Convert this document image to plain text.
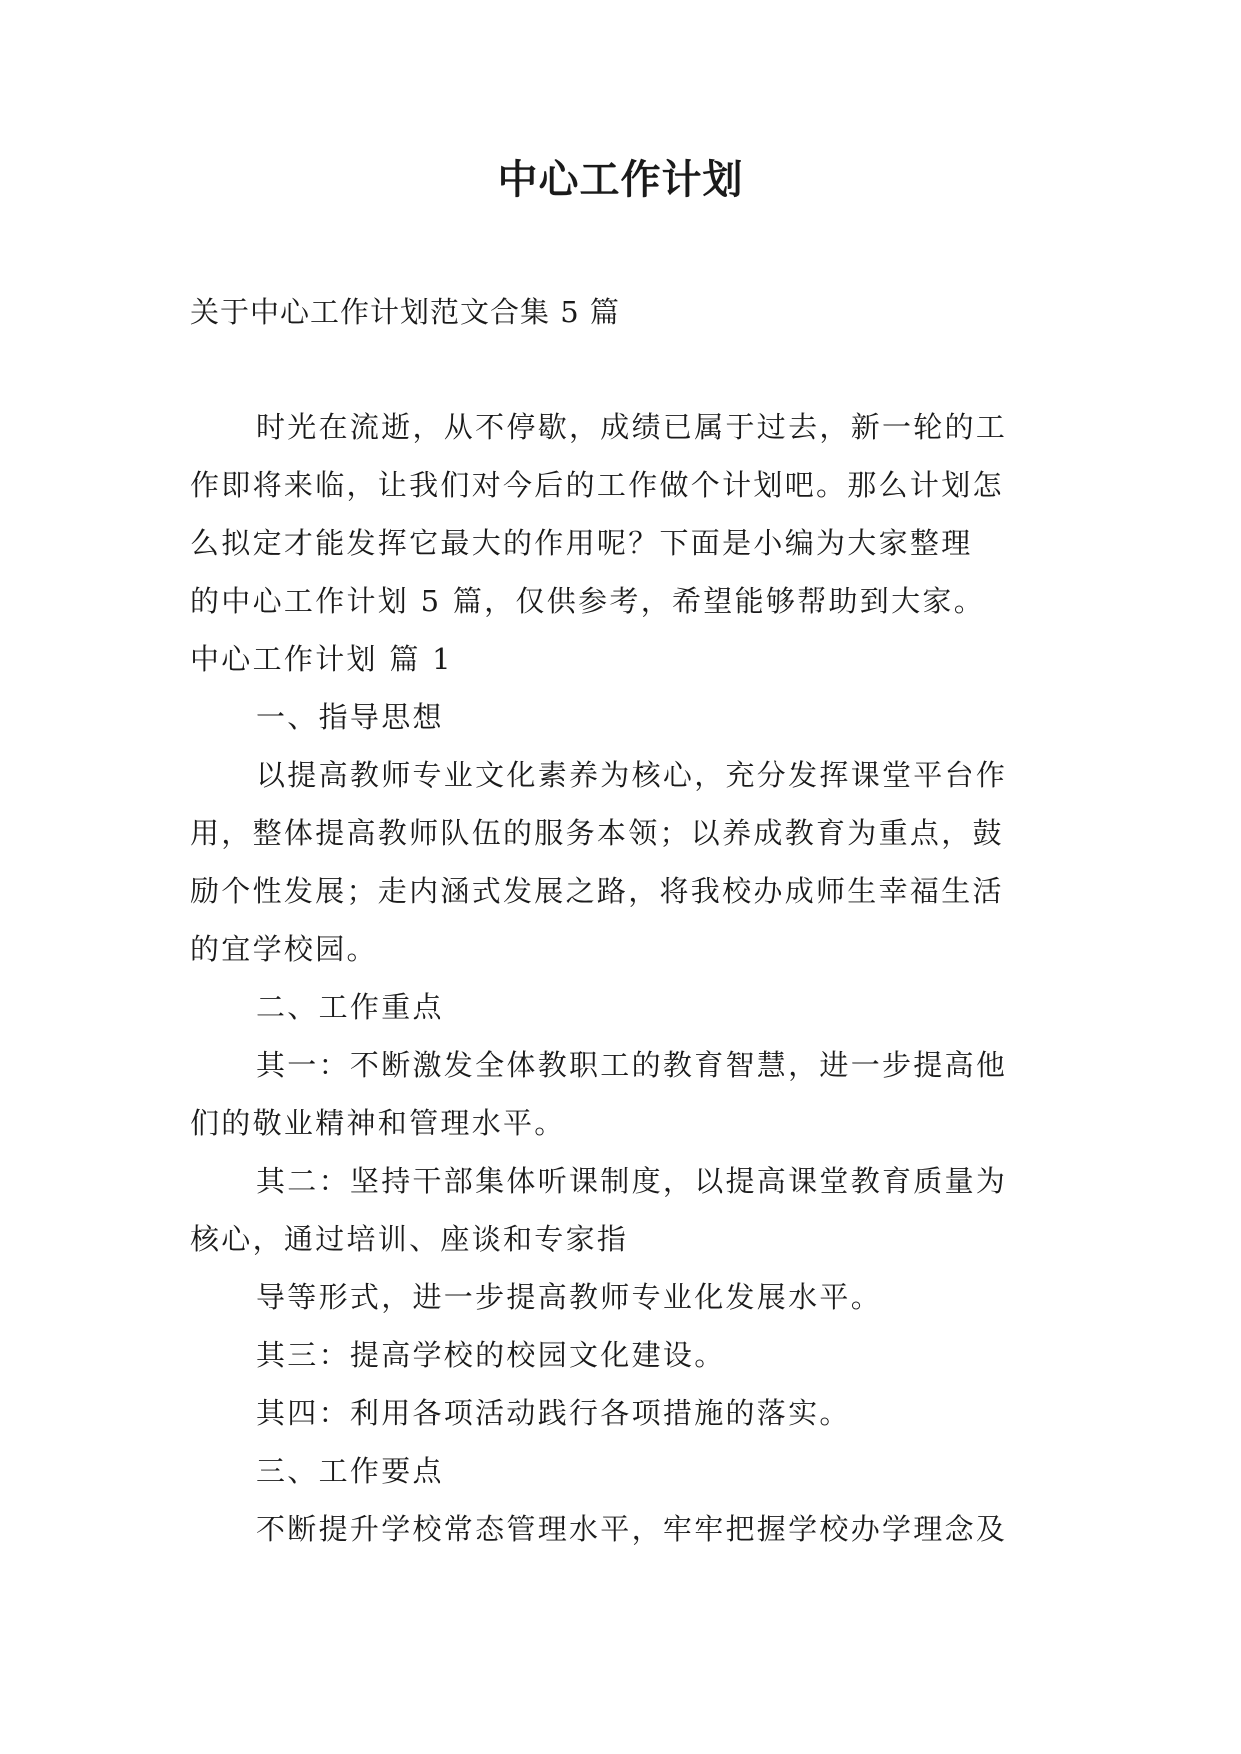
中心工作计划
关于中心工作计划范文合集 5 篇
时光在流逝，从不停歇，成绩已属于过去，新一轮的工
作即将来临，让我们对今后的工作做个计划吧。那么计划怎
么拟定才能发挥它最大的作用呢？下面是小编为大家整理
的中心工作计划 5 篇，仅供参考，希望能够帮助到大家。
中心工作计划 篇 1
一、指导思想
以提高教师专业文化素养为核心，充分发挥课堂平台作
用，整体提高教师队伍的服务本领；以养成教育为重点，鼓
励个性发展；走内涵式发展之路，将我校办成师生幸福生活
的宜学校园。
二、工作重点
其一：不断激发全体教职工的教育智慧，进一步提高他
们的敬业精神和管理水平。
其二：坚持干部集体听课制度，以提高课堂教育质量为
核心，通过培训、座谈和专家指
导等形式，进一步提高教师专业化发展水平。
其三：提高学校的校园文化建设。
其四：利用各项活动践行各项措施的落实。
三、工作要点
不断提升学校常态管理水平，牢牢把握学校办学理念及
